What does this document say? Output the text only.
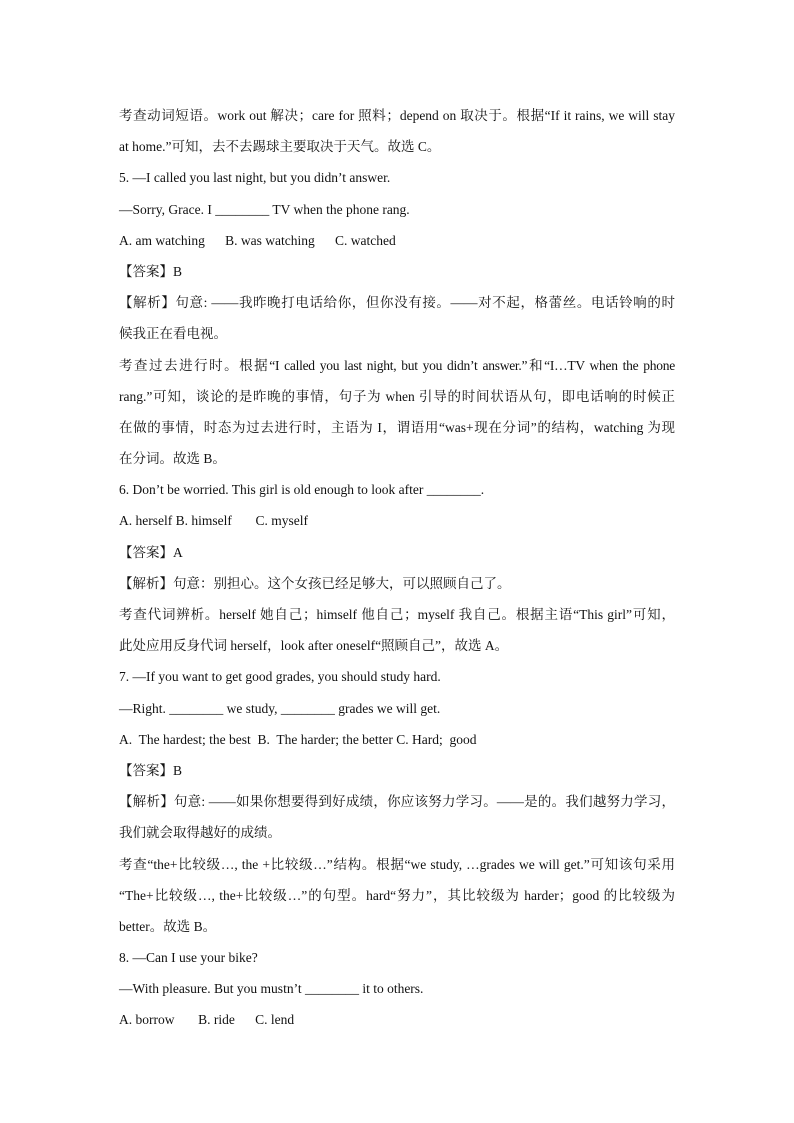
考查动词短语。work out 解决；care for 照料；depend on 取决于。根据“If it rains, we will stay
at home.”可知，去不去踢球主要取决于天气。故选 C。
5. —I called you last night, but you didn’t answer.
—Sorry, Grace. I ________ TV when the phone rang.
A. am watching      B. was watching      C. watched
【答案】B
【解析】句意: ——我昨晚打电话给你，但你没有接。——对不起，格蕾丝。电话铃响的时
候我正在看电视。
考查过去进行时。根据“I called you last night, but you didn’t answer.”和“I…TV when the phone
rang.”可知，谈论的是昨晚的事情，句子为 when 引导的时间状语从句，即电话响的时候正
在做的事情，时态为过去进行时，主语为 I，谓语用“was+现在分词”的结构，watching 为现
在分词。故选 B。
6. Don’t be worried. This girl is old enough to look after ________.
A. herself B. himself       C. myself
【答案】A
【解析】句意：别担心。这个女孩已经足够大，可以照顾自己了。
考查代词辨析。herself 她自己；himself 他自己；myself 我自己。根据主语“This girl”可知，
此处应用反身代词 herself，look after oneself“照顾自己”，故选 A。
7. —If you want to get good grades, you should study hard.
—Right. ________ we study, ________ grades we will get.
A.  The hardest; the best  B.  The harder; the better C. Hard;  good
【答案】B
【解析】句意: ——如果你想要得到好成绩，你应该努力学习。——是的。我们越努力学习，
我们就会取得越好的成绩。
考查“the+比较级…, the +比较级…”结构。根据“we study, …grades we will get.”可知该句采用
“The+比较级…, the+比较级…”的句型。hard“努力”，其比较级为 harder；good 的比较级为
better。故选 B。
8. —Can I use your bike?
—With pleasure. But you mustn’t ________ it to others.
A. borrow       B. ride      C. lend
